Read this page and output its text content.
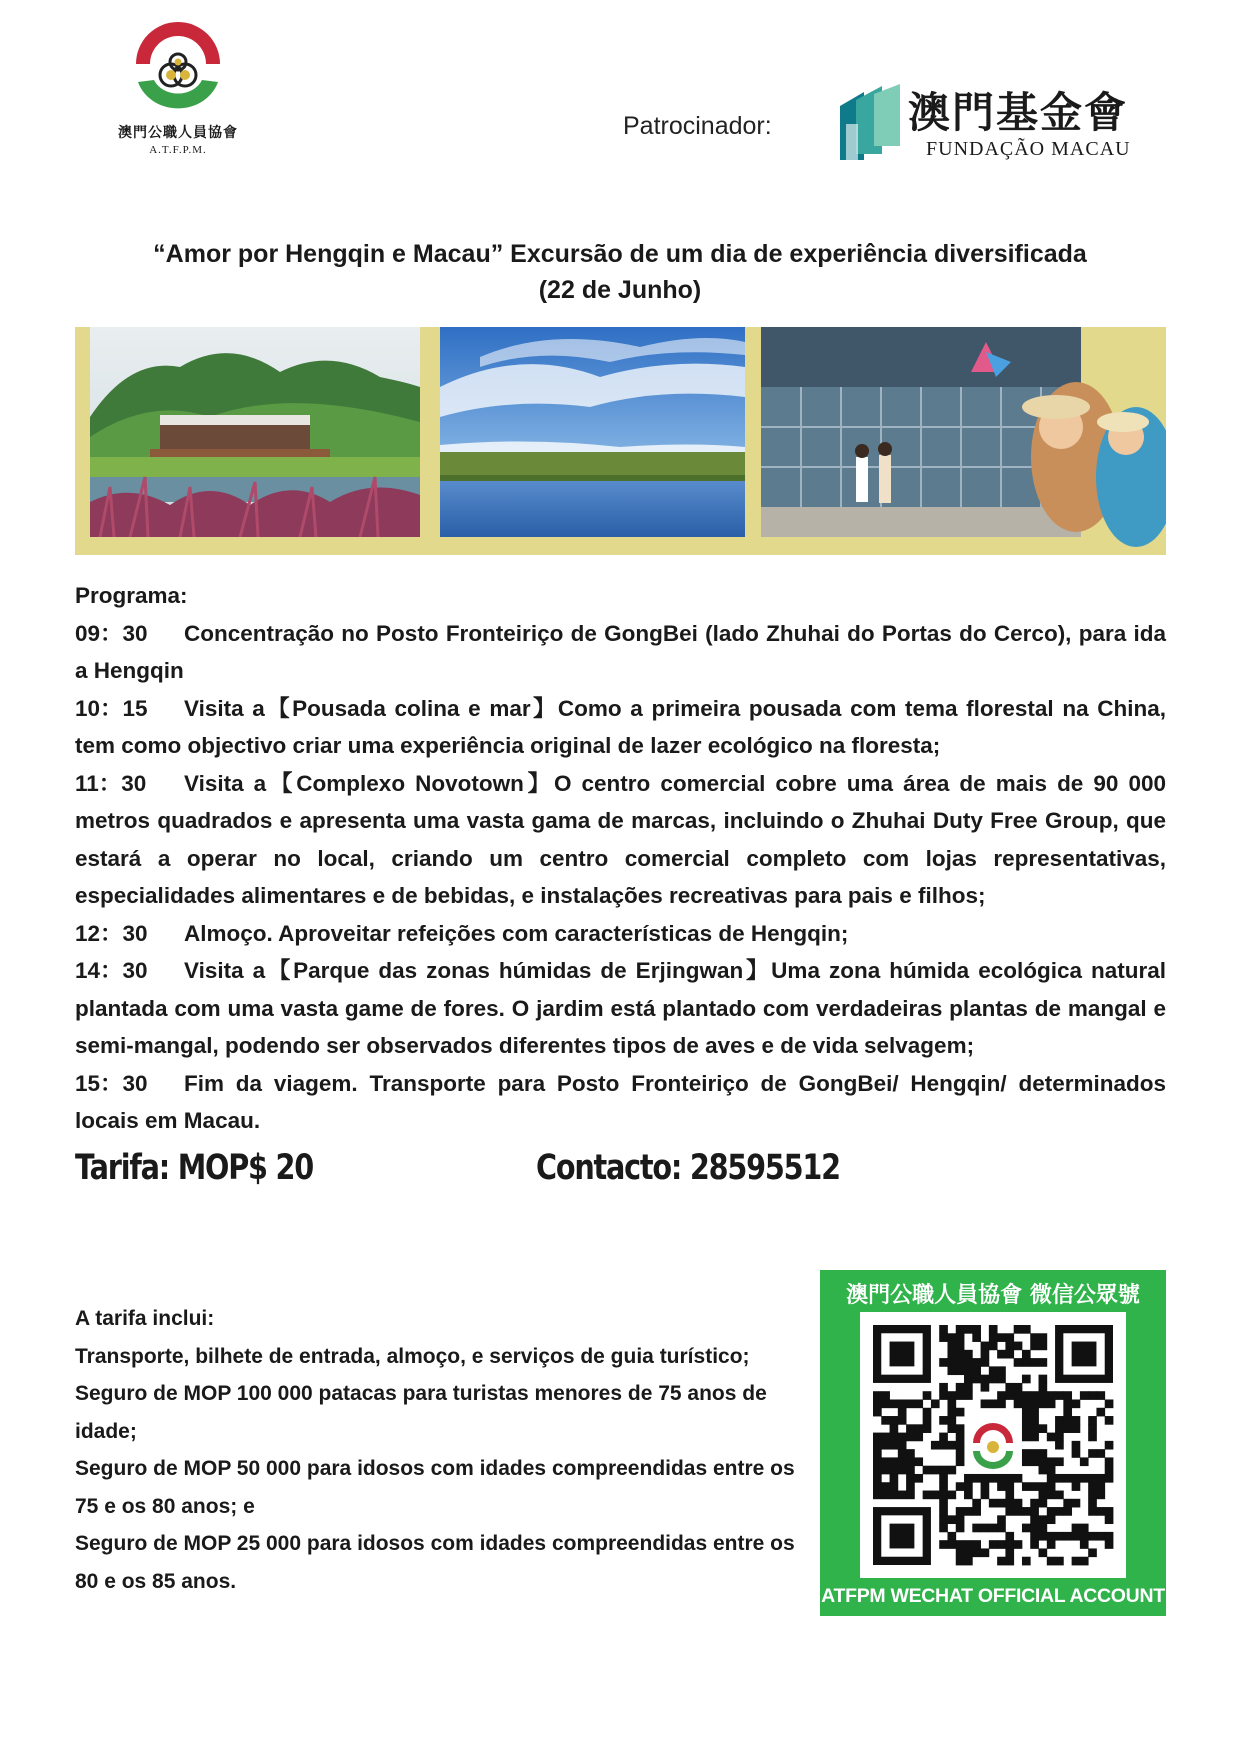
澳門公職人員協會
A.T.F.P.M.
Patrocinador:	澳門基金會
FUNDAÇÃO MACAU
“Amor por Hengqin e Macau” Excursão de um dia de experiência diversificada
(22 de Junho)
Programa:
09：30 Concentração no Posto Fronteiriço de GongBei (lado Zhuhai do Portas do Cerco), para ida a Hengqin
10：15 Visita a【Pousada colina e mar】Como a primeira pousada com tema florestal na China, tem como objectivo criar uma experiência original de lazer ecológico na floresta;
11：30 Visita a【Complexo Novotown】O centro comercial cobre uma área de mais de 90 000 metros quadrados e apresenta uma vasta gama de marcas, incluindo o Zhuhai Duty Free Group, que estará a operar no local, criando um centro comercial completo com lojas representativas, especialidades alimentares e de bebidas, e instalações recreativas para pais e filhos;
12：30 Almoço. Aproveitar refeições com características de Hengqin;
14：30 Visita a【Parque das zonas húmidas de Erjingwan】Uma zona húmida ecológica natural plantada com uma vasta game de fores. O jardim está plantado com verdadeiras plantas de mangal e semi-mangal, podendo ser observados diferentes tipos de aves e de vida selvagem;
15：30 Fim da viagem. Transporte para Posto Fronteiriço de GongBei/ Hengqin/ determinados locais em Macau.
Tarifa: MOP$ 20	Contacto: 28595512
A tarifa inclui:
Transporte, bilhete de entrada, almoço, e serviços de guia turístico;
Seguro de MOP 100 000 patacas para turistas menores de 75 anos de idade;
Seguro de MOP 50 000 para idosos com idades compreendidas entre os 75 e os 80 anos; e
Seguro de MOP 25 000 para idosos com idades compreendidas entre os 80 e os 85 anos.
澳門公職人員協會 微信公眾號
ATFPM WECHAT OFFICIAL ACCOUNT
